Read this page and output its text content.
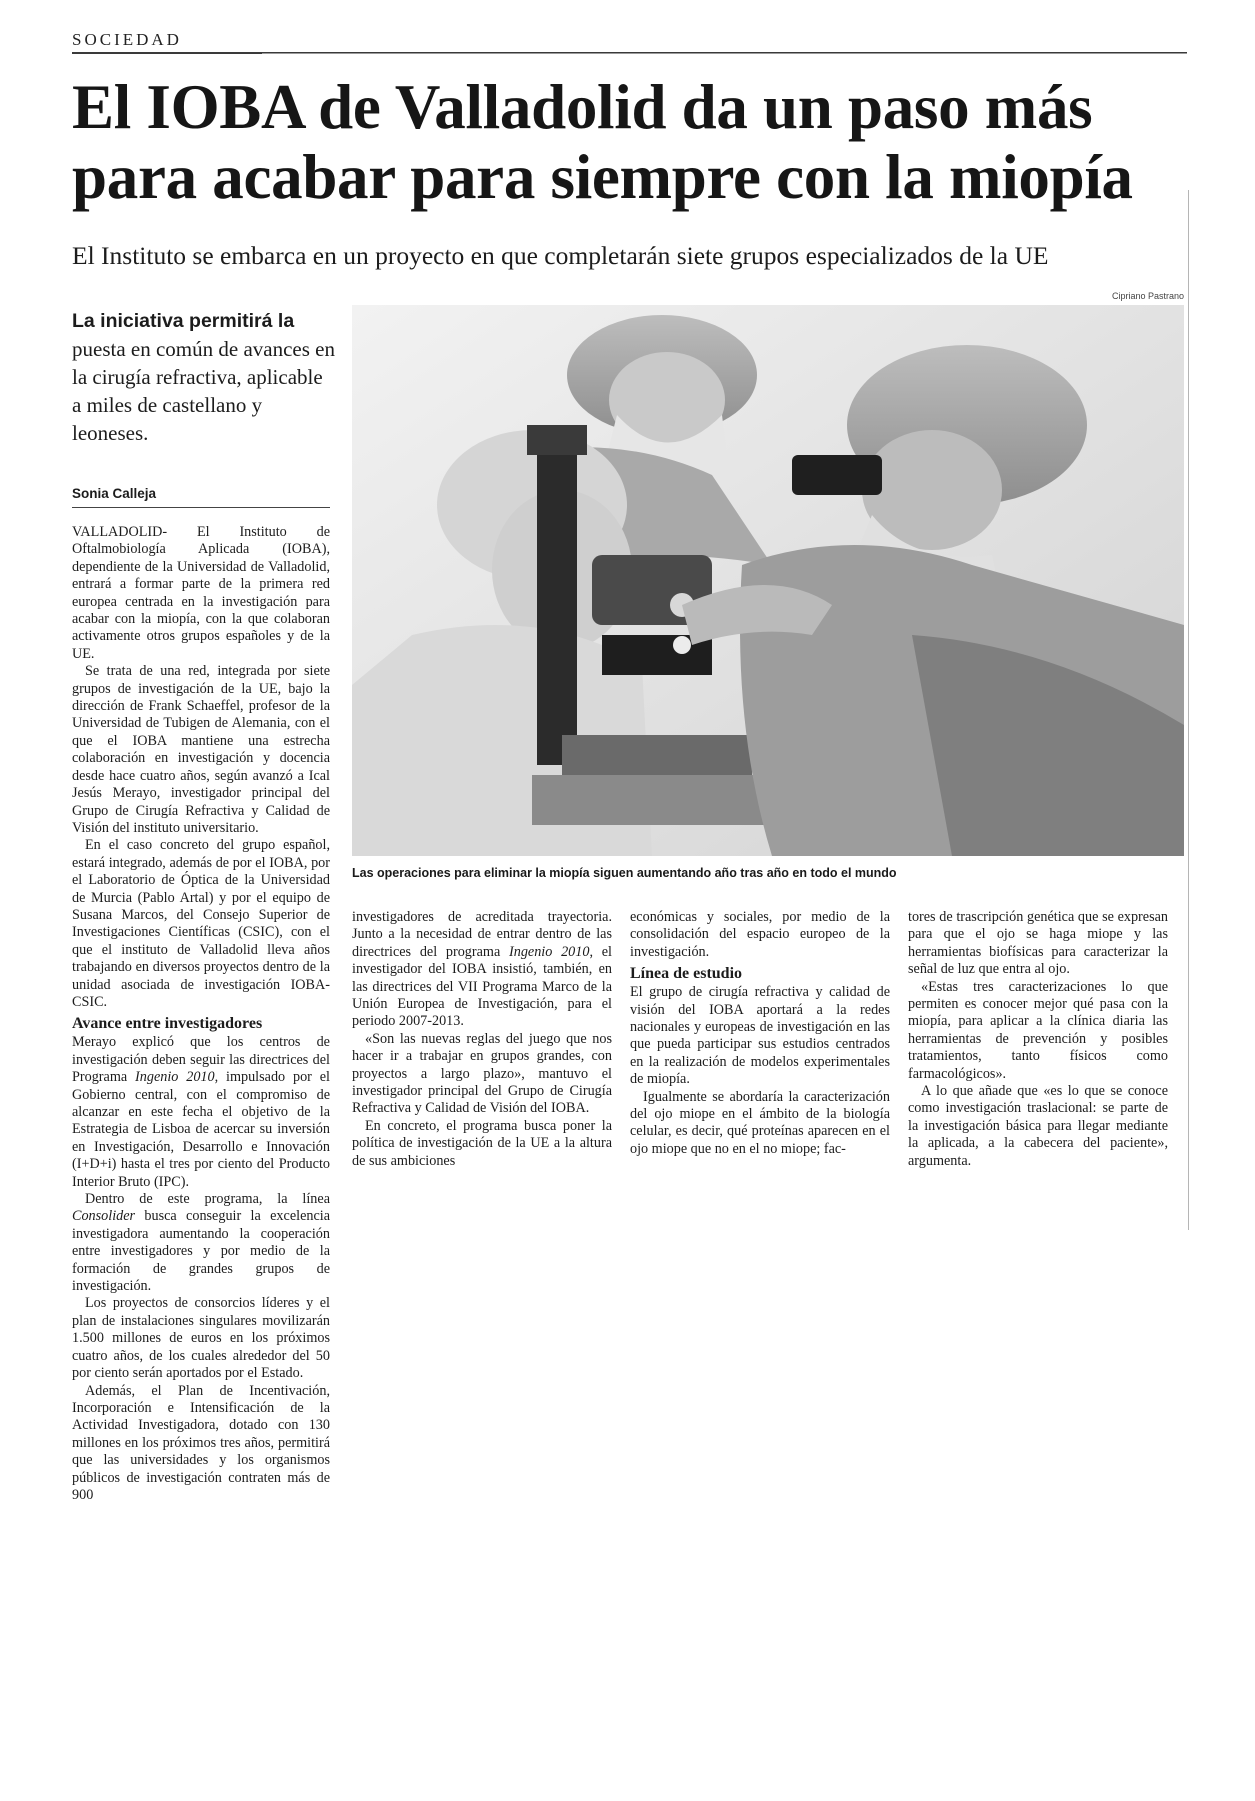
SOCIEDAD
El IOBA de Valladolid da un paso más para acabar para siempre con la miopía
El Instituto se embarca en un proyecto en que completarán siete grupos especializados de la UE
La iniciativa permitirá la puesta en común de avances en la cirugía refractiva, aplicable a miles de castellano y leoneses.
Sonia Calleja
Cipriano Pastrano
Las operaciones para eliminar la miopía siguen aumentando año tras año en todo el mundo

VALLADOLID- El Instituto de Oftalmobiología Aplicada (IOBA), dependiente de la Universidad de Valladolid, entrará a formar parte de la primera red europea centrada en la investigación para acabar con la miopía, con la que colaboran activamente otros grupos españoles y de la UE.

Se trata de una red, integrada por siete grupos de investigación de la UE, bajo la dirección de Frank Schaeffel, profesor de la Universidad de Tubigen de Alemania, con el que el IOBA mantiene una estrecha colaboración en investigación y docencia desde hace cuatro años, según avanzó a Ical Jesús Merayo, investigador principal del Grupo de Cirugía Refractiva y Calidad de Visión del instituto universitario.

En el caso concreto del grupo español, estará integrado, además de por el IOBA, por el Laboratorio de Óptica de la Universidad de Murcia (Pablo Artal) y por el equipo de Susana Marcos, del Consejo Superior de Investigaciones Científicas (CSIC), con el que el instituto de Valladolid lleva años trabajando en diversos proyectos dentro de la unidad asociada de investigación IOBA-CSIC.

Avance entre investigadores

Merayo explicó que los centros de investigación deben seguir las directrices del Programa Ingenio 2010, impulsado por el Gobierno central, con el compromiso de alcanzar en este fecha el objetivo de la Estrategia de Lisboa de acercar su inversión en Investigación, Desarrollo e Innovación (I+D+i) hasta el tres por ciento del Producto Interior Bruto (IPC).

Dentro de este programa, la línea Consolider busca conseguir la excelencia investigadora aumentando la cooperación entre investigadores y por medio de la formación de grandes grupos de investigación.

Los proyectos de consorcios líderes y el plan de instalaciones singulares movilizarán 1.500 millones de euros en los próximos cuatro años, de los cuales alrededor del 50 por ciento serán aportados por el Estado.

Además, el Plan de Incentivación, Incorporación e Intensificación de la Actividad Investigadora, dotado con 130 millones en los próximos tres años, permitirá que las universidades y los organismos públicos de investigación contraten más de 900

investigadores de acreditada trayectoria. Junto a la necesidad de entrar dentro de las directrices del programa Ingenio 2010, el investigador del IOBA insistió, también, en las directrices del VII Programa Marco de la Unión Europea de Investigación, para el periodo 2007-2013.

«Son las nuevas reglas del juego que nos hacer ir a trabajar en grupos grandes, con proyectos a largo plazo», mantuvo el investigador principal del Grupo de Cirugía Refractiva y Calidad de Visión del IOBA.

En concreto, el programa busca poner la política de investigación de la UE a la altura de sus ambiciones

económicas y sociales, por medio de la consolidación del espacio europeo de la investigación.

Línea de estudio

El grupo de cirugía refractiva y calidad de visión del IOBA aportará a la redes nacionales y europeas de investigación en las que pueda participar sus estudios centrados en la realización de modelos experimentales de miopía.

Igualmente se abordaría la caracterización del ojo miope en el ámbito de la biología celular, es decir, qué proteínas aparecen en el ojo miope que no en el no miope; fac-

tores de trascripción genética que se expresan para que el ojo se haga miope y las herramientas biofísicas para caracterizar la señal de luz que entra al ojo.

«Estas tres caracterizaciones lo que permiten es conocer mejor qué pasa con la miopía, para aplicar a la clínica diaria las herramientas de prevención y posibles tratamientos, tanto físicos como farmacológicos».

A lo que añade que «es lo que se conoce como investigación traslacional: se parte de la investigación básica para llegar mediante la aplicada, a la cabecera del paciente», argumenta.
